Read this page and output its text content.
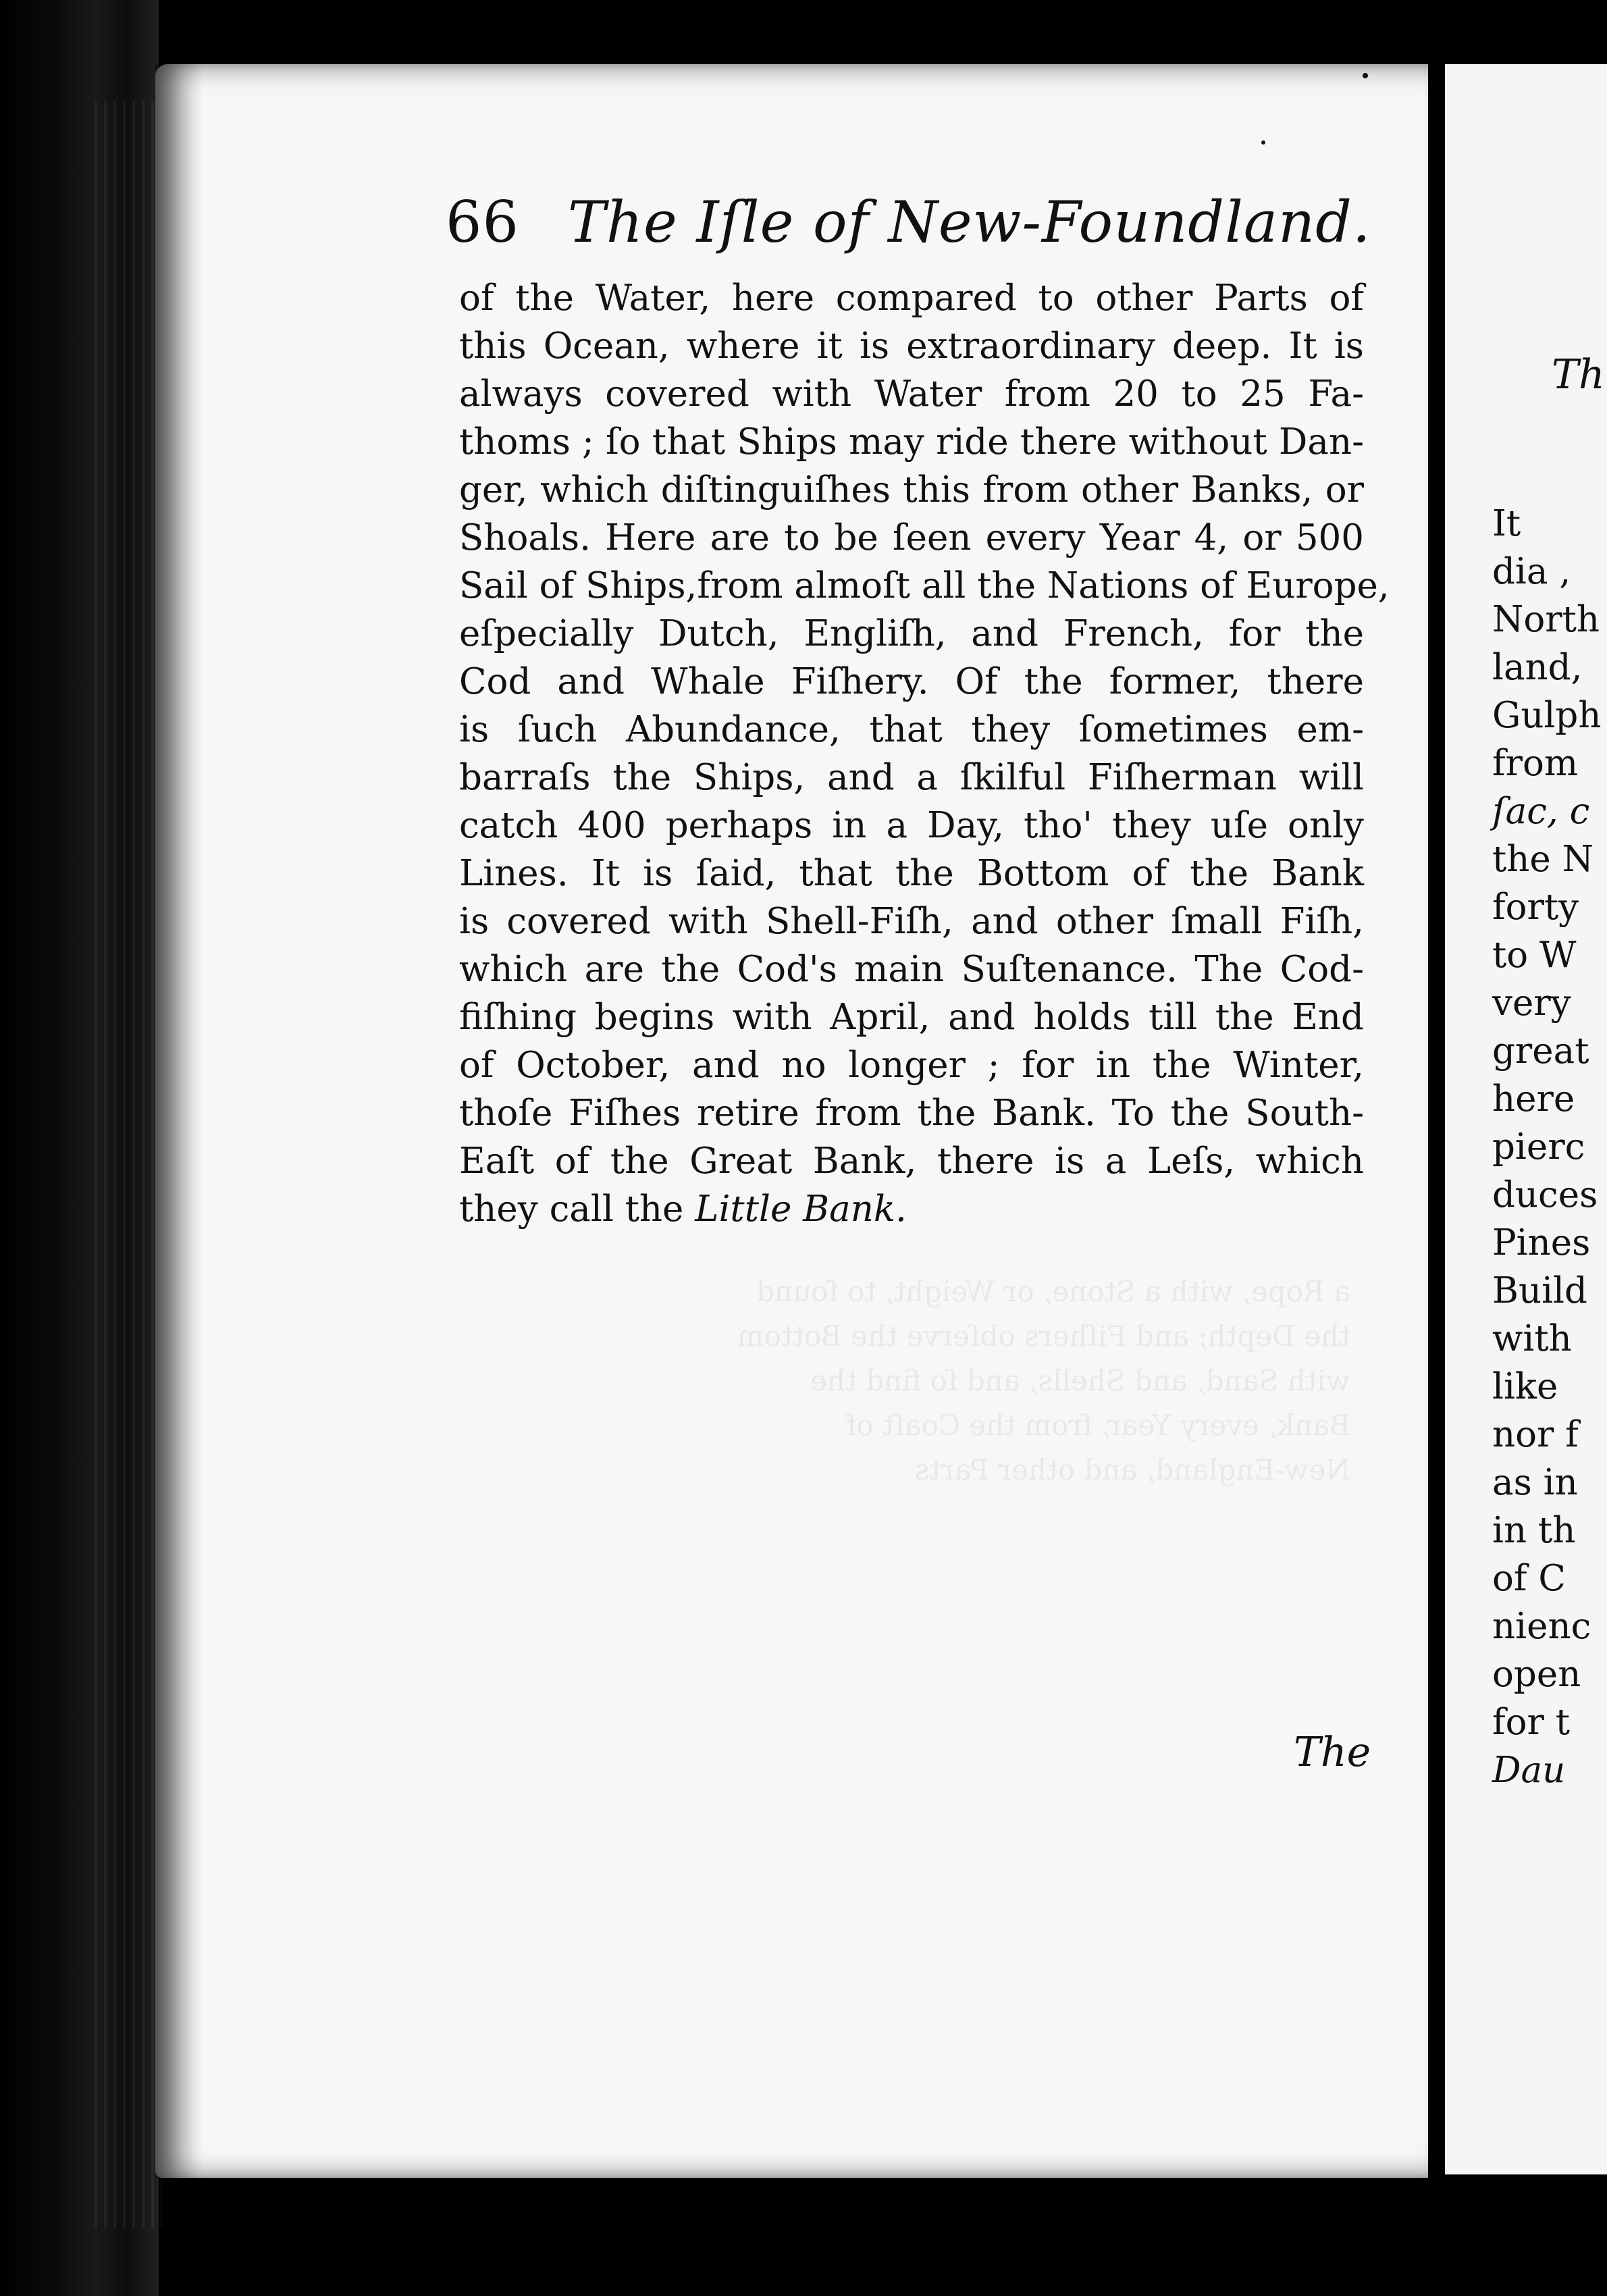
66 The Iſle of New-Foundland.
a Rope, with a Stone, or Weight, to ſound
the Depth; and Fiſhers obſerve the Bottom
with Sand, and Shells, and ſo find the
Bank, every Year, from the Coaſt of
New-England, and other Parts
of the Water, here compared to other Parts of
this Ocean, where it is extraordinary deep. It is
always covered with Water from 20 to 25 Fa-
thoms ; ſo that Ships may ride there without Dan-
ger, which diſtinguiſhes this from other Banks, or
Shoals. Here are to be ſeen every Year 4, or 500
Sail of Ships,from almoſt all the Nations of Europe,
eſpecially Dutch, Engliſh, and French, for the
Cod and Whale Fiſhery. Of the former, there
is ſuch Abundance, that they ſometimes em-
barraſs the Ships, and a ſkilful Fiſherman will
catch 400 perhaps in a Day, tho' they uſe only
Lines. It is ſaid, that the Bottom of the Bank
is covered with Shell-Fiſh, and other ſmall Fiſh,
which are the Cod's main Suſtenance. The Cod-
fiſhing begins with April, and holds till the End
of October, and no longer ; for in the Winter,
thoſe Fiſhes retire from the Bank. To the South-
Eaſt of the Great Bank, there is a Leſs, which
they call the Little Bank.
The
Th
It
dia ,
North
land,
Gulph
from
ſac, c
the N
forty
to W
very
great
here
pierc
duces
Pines
Build
with
like
nor f
as in
in th
of C
nienc
open
for t
Dau
